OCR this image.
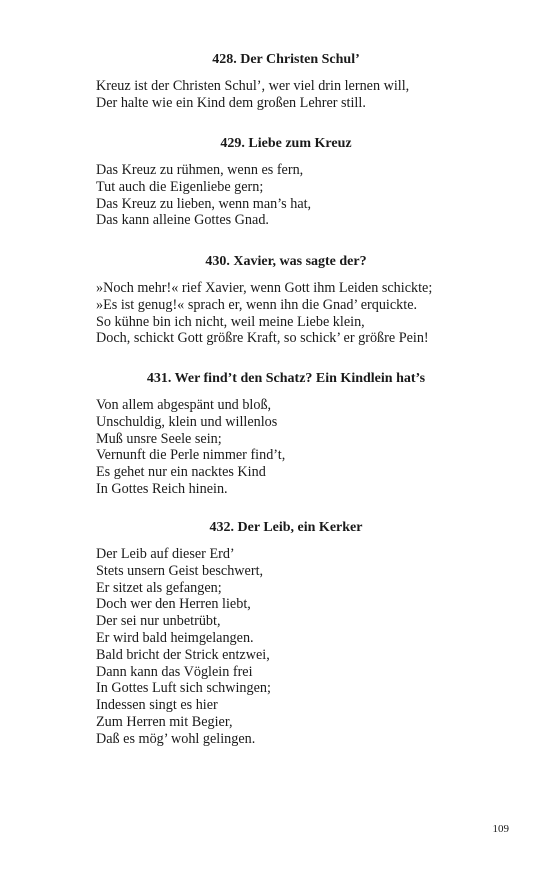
428. Der Christen Schul’
Kreuz ist der Christen Schul’, wer viel drin lernen will,
Der halte wie ein Kind dem großen Lehrer still.
429. Liebe zum Kreuz
Das Kreuz zu rühmen, wenn es fern,
Tut auch die Eigenliebe gern;
Das Kreuz zu lieben, wenn man’s hat,
Das kann alleine Gottes Gnad.
430. Xavier, was sagte der?
»Noch mehr!« rief Xavier, wenn Gott ihm Leiden schickte;
»Es ist genug!« sprach er, wenn ihn die Gnad’ erquickte.
So kühne bin ich nicht, weil meine Liebe klein,
Doch, schickt Gott größre Kraft, so schick’ er größre Pein!
431. Wer find’t den Schatz? Ein Kindlein hat’s
Von allem abgespänt und bloß,
Unschuldig, klein und willenlos
Muß unsre Seele sein;
Vernunft die Perle nimmer find’t,
Es gehet nur ein nacktes Kind
In Gottes Reich hinein.
432. Der Leib, ein Kerker
Der Leib auf dieser Erd’
Stets unsern Geist beschwert,
Er sitzet als gefangen;
Doch wer den Herren liebt,
Der sei nur unbetrübt,
Er wird bald heimgelangen.
Bald bricht der Strick entzwei,
Dann kann das Vöglein frei
In Gottes Luft sich schwingen;
Indessen singt es hier
Zum Herren mit Begier,
Daß es mög’ wohl gelingen.
109
